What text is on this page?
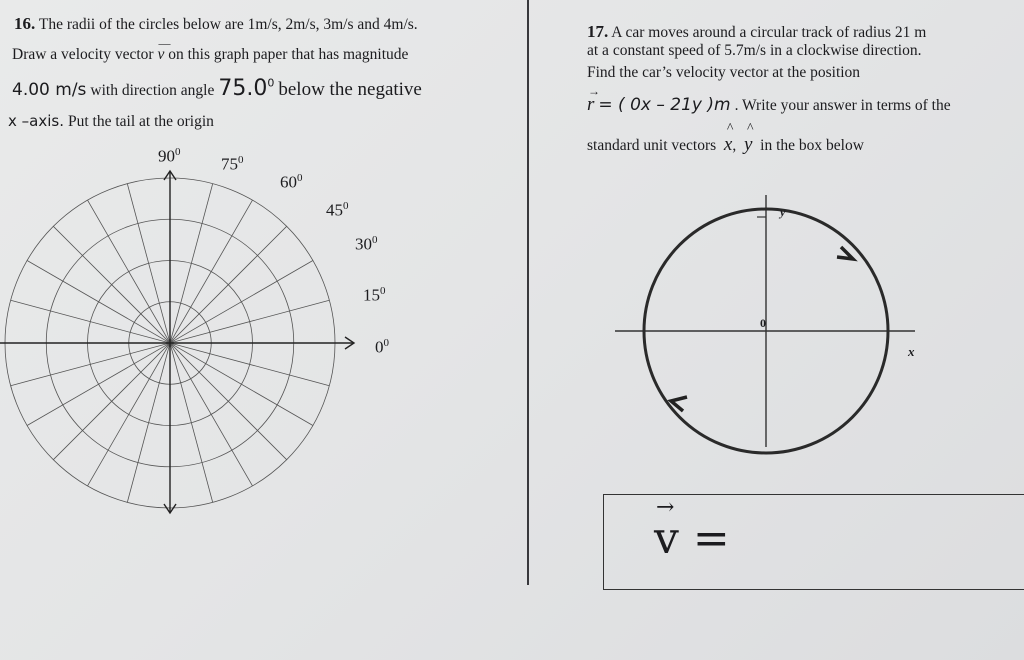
16. The radii of the circles below are 1m/s, 2m/s, 3m/s and 4m/s.
Draw a velocity vector
—
v on this graph paper that has magnitude
4.00 m/s with direction angle 75.0$^0$ below the negative
x –axis. Put the tail at the origin
$90^0$
$75^0$
$60^0$
$45^0$
$30^0$
$15^0$
$0^0$
17. A car moves around a circular track of radius 21 m
at a constant speed of 5.7m/s in a clockwise direction.
Find the car’s velocity vector at the position
→
r = ( 0x – 21y )m . Write your answer in terms of the
standard unit vectors
^
x,
^
y in the box below
y
0
x
→
v =
